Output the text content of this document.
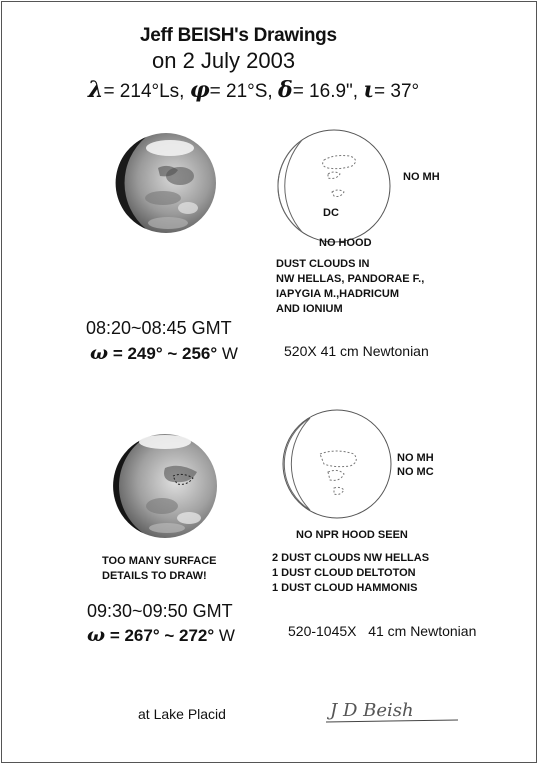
Jeff BEISH's Drawings
on 2 July 2003
λ= 214°Ls, φ= 21°S, δ= 16.9", ι= 37°
NO MH
DC
NO HOOD
DUST CLOUDS IN
NW HELLAS, PANDORAE F.,
IAPYGIA M.,HADRICUM
AND IONIUM
08:20~08:45 GMT
ω = 249° ~ 256° W	520X 41 cm Newtonian
NO MH
NO MC
NO NPR HOOD SEEN
TOO MANY SURFACE
DETAILS TO DRAW!
2 DUST CLOUDS NW HELLAS
1 DUST CLOUD DELTOTON
1 DUST CLOUD HAMMONIS
09:30~09:50 GMT
ω = 267° ~ 272° W	520-1045X 41 cm Newtonian
at Lake Placid	J D Beish
